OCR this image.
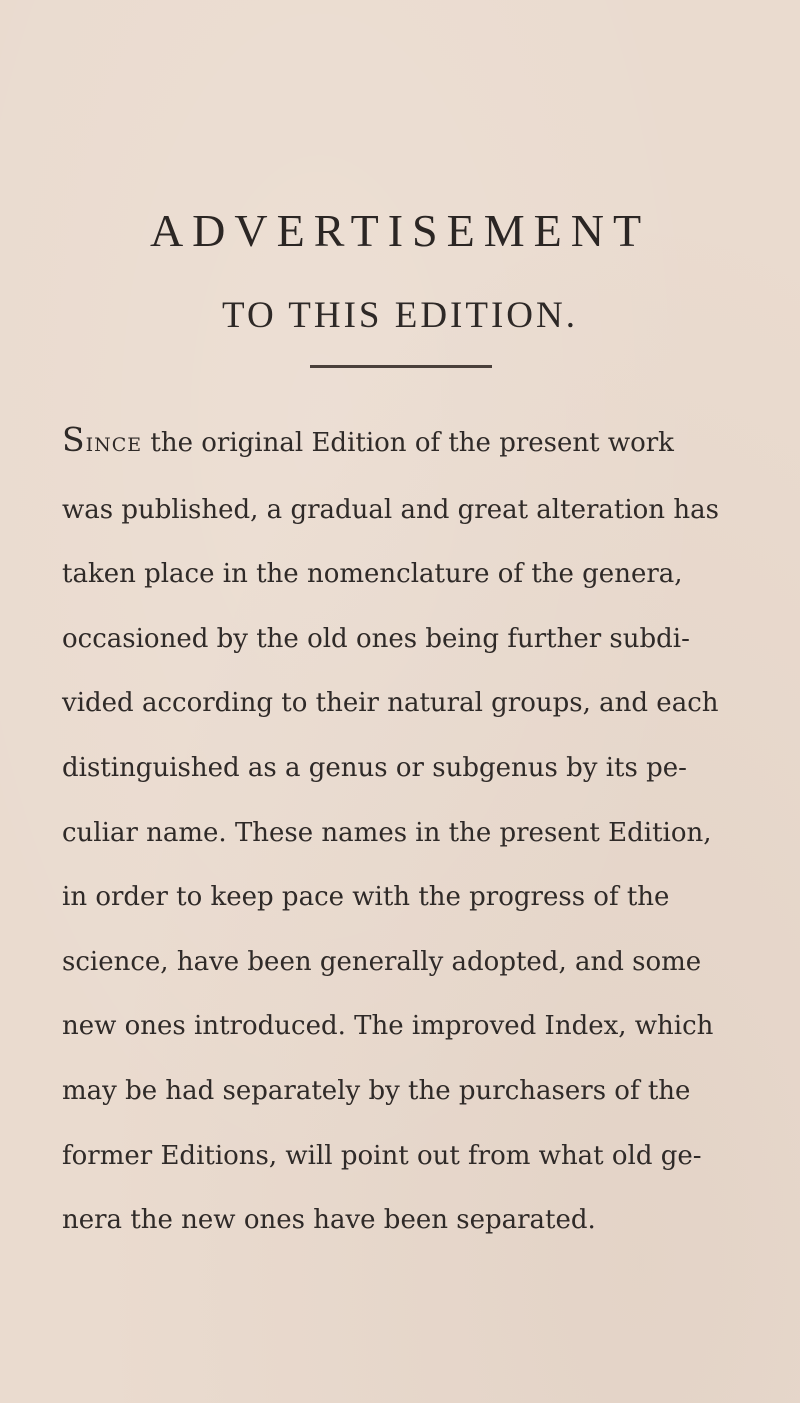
ADVERTISEMENT
TO THIS EDITION.
SINCE the original Edition of the present work
was published, a gradual and great alteration has
taken place in the nomenclature of the genera,
occasioned by the old ones being further subdi-
vided according to their natural groups, and each
distinguished as a genus or subgenus by its pe-
culiar name. These names in the present Edition,
in order to keep pace with the progress of the
science, have been generally adopted, and some
new ones introduced. The improved Index, which
may be had separately by the purchasers of the
former Editions, will point out from what old ge-
nera the new ones have been separated.
